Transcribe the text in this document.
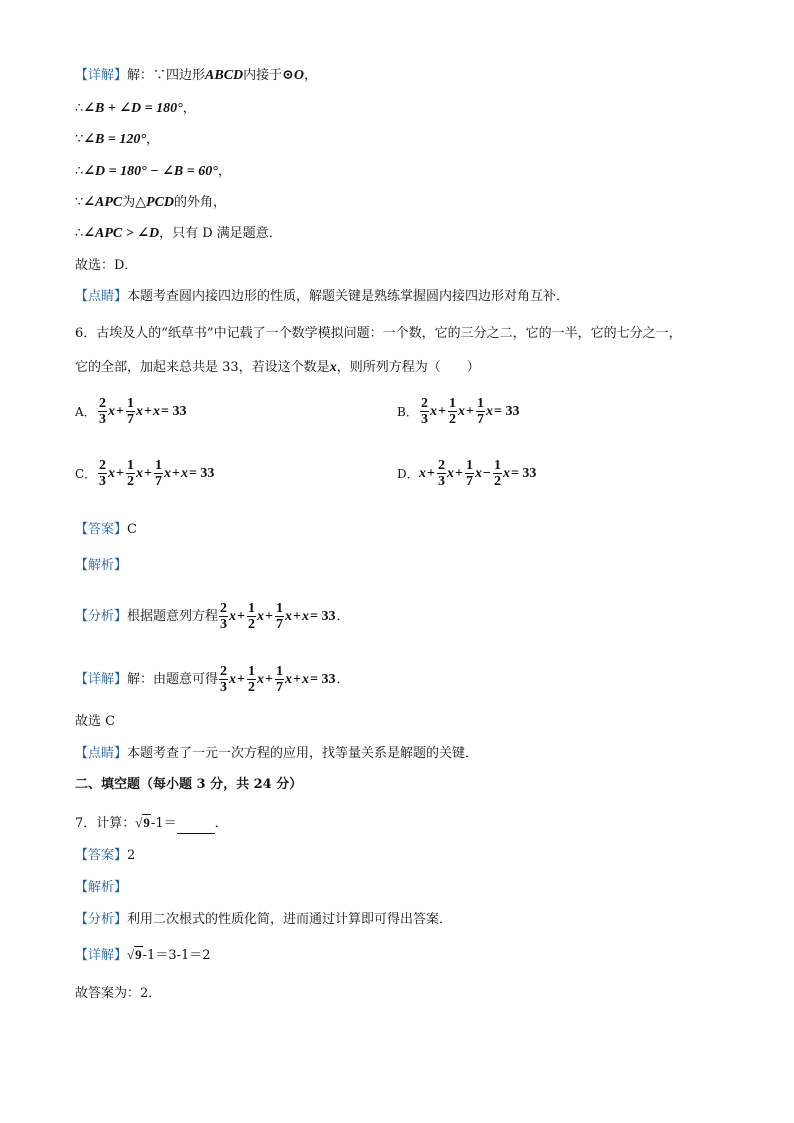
【详解】解：∵四边形ABCD内接于⊙O，
∴∠B + ∠D = 180°，
∵∠B = 120°，
∴∠D = 180° − ∠B = 60°，
∵∠APC为△PCD的外角，
∴∠APC > ∠D，只有 D 满足题意．
故选：D．
【点睛】本题考查圆内接四边形的性质，解题关键是熟练掌握圆内接四边形对角互补．
6．古埃及人的“纸草书”中记载了一个数学模拟问题：一个数，它的三分之二，它的一半，它的七分之一，
它的全部，加起来总共是 33，若设这个数是x，则所列方程为（　　）
A． $\frac{2}{3}$ $x + \frac{1}{7}$ x + x = 33	B． $\frac{2}{3}$ $x + \frac{1}{2}$ $x + \frac{1}{7}$ x = 33
C． $\frac{2}{3}$ $x + \frac{1}{2}$ $x + \frac{1}{7}$ x + x = 33	D． $x + \frac{2}{3}$ $x + \frac{1}{7}$ $x - \frac{1}{2}$ x = 33
【答案】C
【解析】
【分析】 根据题意列方程 $\frac{2}{3}$ $x + \frac{1}{2}$ $x + \frac{1}{7}$ x + x = 33 ．
【详解】 解：由题意可得 $\frac{2}{3}$ $x + \frac{1}{2}$ $x + \frac{1}{7}$ x + x = 33 ．
故选 C
【点睛】本题考查了一元一次方程的应用，找等量关系是解题的关键．
二、填空题（每小题 3 分，共 24 分）
7．计算：√9-1＝	．
【答案】2
【解析】
【分析】利用二次根式的性质化简，进而通过计算即可得出答案．
【详解】√9-1＝3-1＝2
故答案为：2．
